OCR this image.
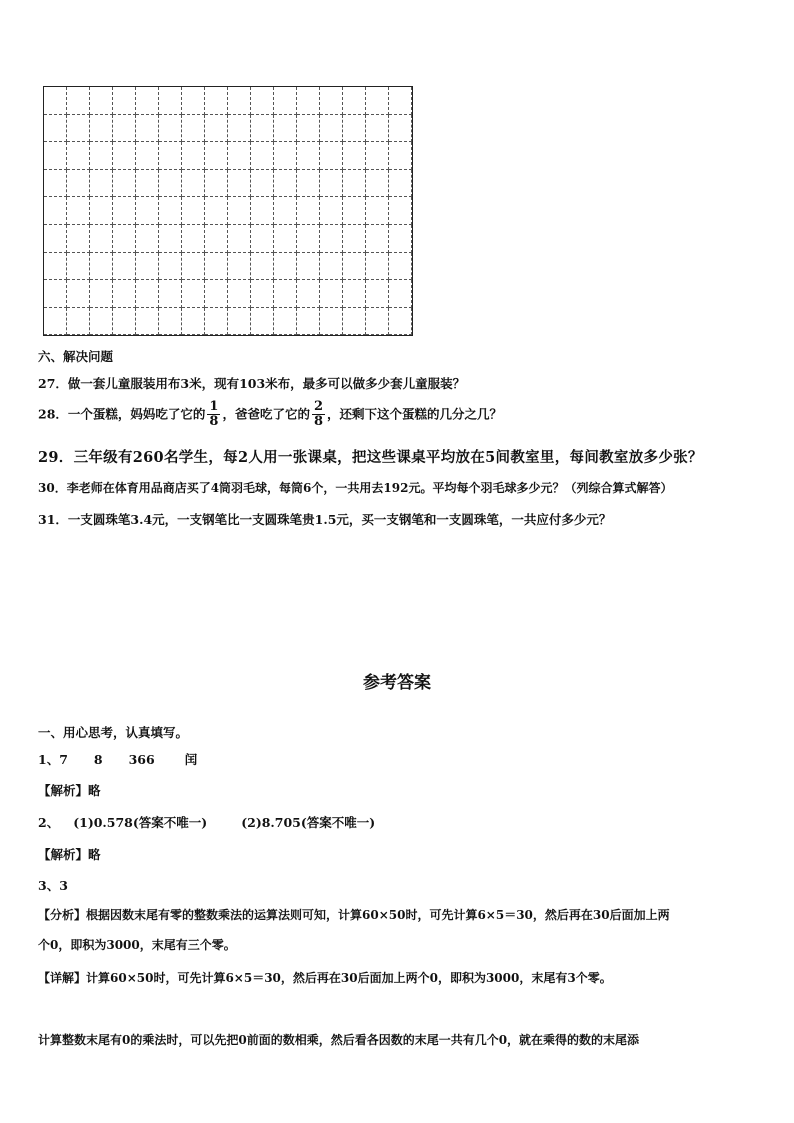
六、解决问题
27．做一套儿童服装用布3米，现有103米布，最多可以做多少套儿童服装？
28．一个蛋糕，妈妈吃了它的 $\frac{1}{8}$ ，爸爸吃了它的 $\frac{2}{8}$ ，还剩下这个蛋糕的几分之几？
29．三年级有260名学生，每2人用一张课桌，把这些课桌平均放在5间教室里，每间教室放多少张？
30．李老师在体育用品商店买了4筒羽毛球，每筒6个，一共用去192元。平均每个羽毛球多少元？（列综合算式解答）
31．一支圆珠笔3.4元，一支钢笔比一支圆珠笔贵1.5元，买一支钢笔和一支圆珠笔，一共应付多少元？
参考答案
一、用心思考，认真填写。
1、7 8 366 闰
【解析】略
2、 (1)0.578(答案不唯一)	(2)8.705(答案不唯一)
【解析】略
3、3
【分析】根据因数末尾有零的整数乘法的运算法则可知，计算60×50时，可先计算6×5＝30，然后再在30后面加上两
个0，即积为3000，末尾有三个零。
【详解】计算60×50时，可先计算6×5＝30，然后再在30后面加上两个0，即积为3000，末尾有3个零。
计算整数末尾有0的乘法时，可以先把0前面的数相乘，然后看各因数的末尾一共有几个0，就在乘得的数的末尾添
